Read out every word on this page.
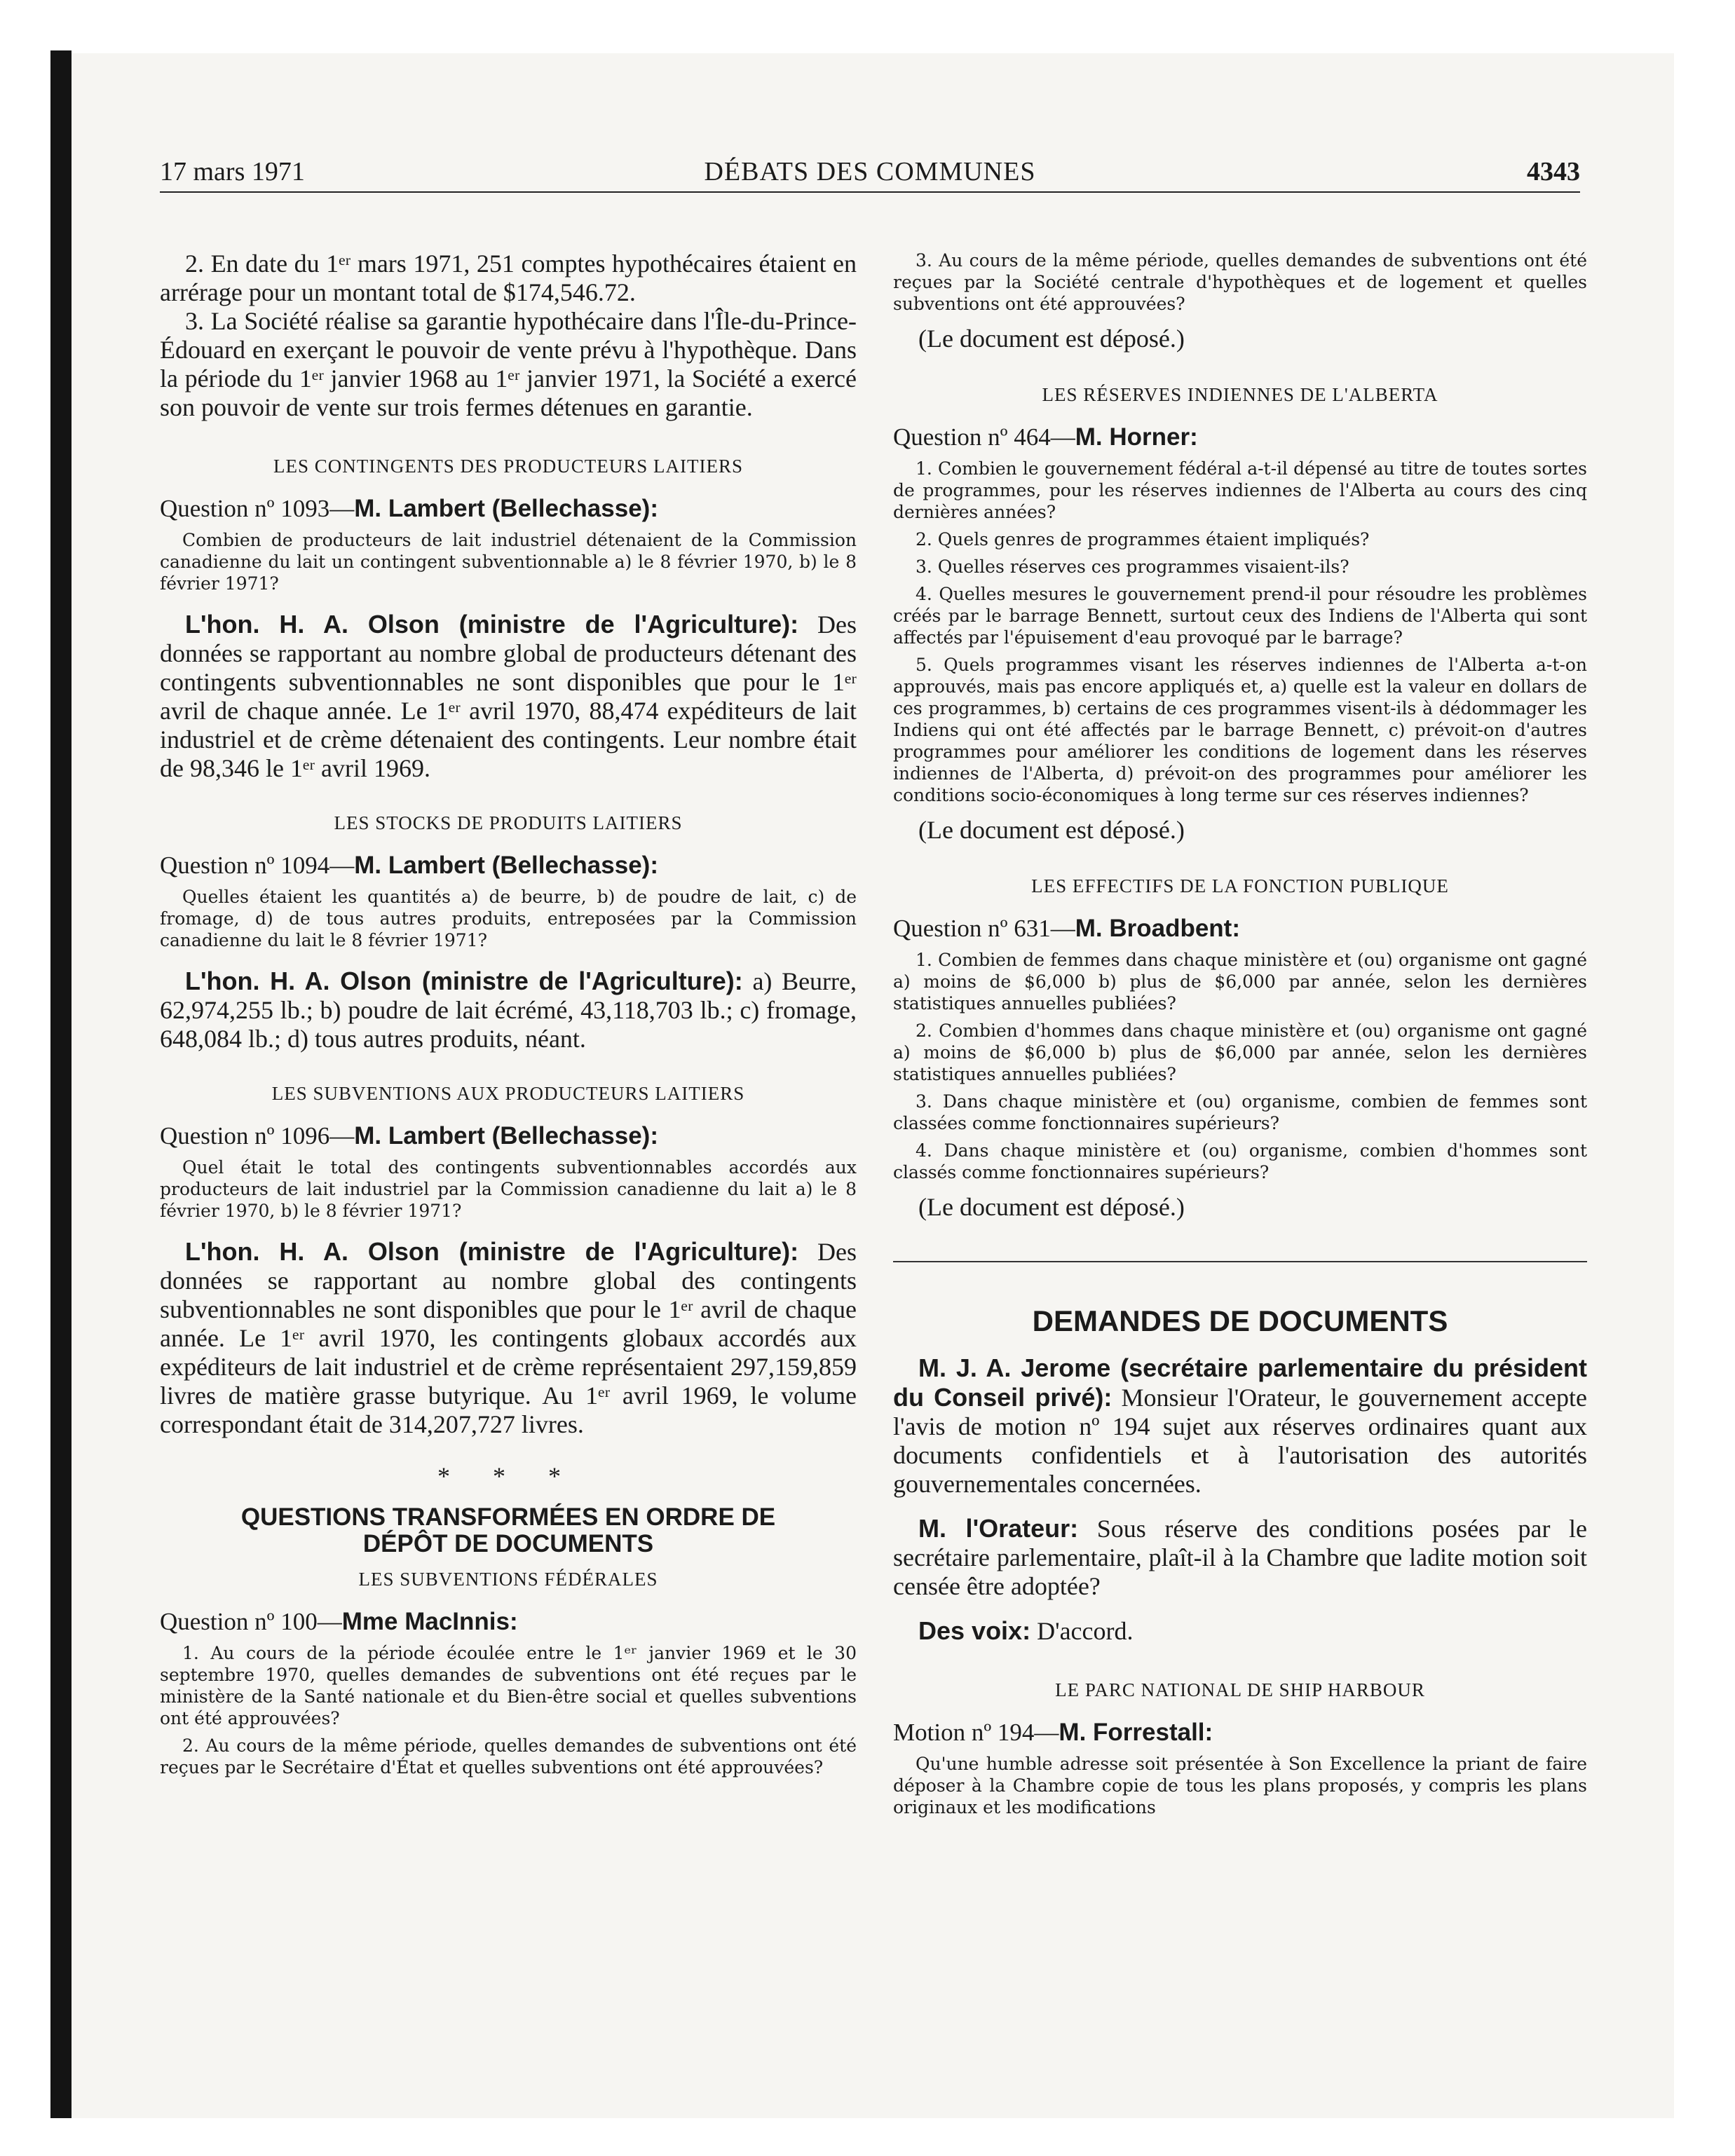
17 mars 1971	DÉBATS DES COMMUNES	4343

2. En date du 1ᵉʳ mars 1971, 251 comptes hypothécaires étaient en arrérage pour un montant total de $174,546.72.

3. La Société réalise sa garantie hypothécaire dans l'Île-du-Prince-Édouard en exerçant le pouvoir de vente prévu à l'hypothèque. Dans la période du 1ᵉʳ janvier 1968 au 1ᵉʳ janvier 1971, la Société a exercé son pouvoir de vente sur trois fermes détenues en garantie.

LES CONTINGENTS DES PRODUCTEURS LAITIERS

Question nº 1093—M. Lambert (Bellechasse):

Combien de producteurs de lait industriel détenaient de la Commission canadienne du lait un contingent subventionnable a) le 8 février 1970, b) le 8 février 1971?

L'hon. H. A. Olson (ministre de l'Agriculture): Des données se rapportant au nombre global de producteurs détenant des contingents subventionnables ne sont disponibles que pour le 1ᵉʳ avril de chaque année. Le 1ᵉʳ avril 1970, 88,474 expéditeurs de lait industriel et de crème détenaient des contingents. Leur nombre était de 98,346 le 1ᵉʳ avril 1969.

LES STOCKS DE PRODUITS LAITIERS

Question nº 1094—M. Lambert (Bellechasse):

Quelles étaient les quantités a) de beurre, b) de poudre de lait, c) de fromage, d) de tous autres produits, entreposées par la Commission canadienne du lait le 8 février 1971?

L'hon. H. A. Olson (ministre de l'Agriculture): a) Beurre, 62,974,255 lb.; b) poudre de lait écrémé, 43,118,703 lb.; c) fromage, 648,084 lb.; d) tous autres produits, néant.

LES SUBVENTIONS AUX PRODUCTEURS LAITIERS

Question nº 1096—M. Lambert (Bellechasse):

Quel était le total des contingents subventionnables accordés aux producteurs de lait industriel par la Commission canadienne du lait a) le 8 février 1970, b) le 8 février 1971?

L'hon. H. A. Olson (ministre de l'Agriculture): Des données se rapportant au nombre global des contingents subventionnables ne sont disponibles que pour le 1ᵉʳ avril de chaque année. Le 1ᵉʳ avril 1970, les contingents globaux accordés aux expéditeurs de lait industriel et de crème représentaient 297,159,859 livres de matière grasse butyrique. Au 1ᵉʳ avril 1969, le volume correspondant était de 314,207,727 livres.

* * *

QUESTIONS TRANSFORMÉES EN ORDRE DE

DÉPÔT DE DOCUMENTS

LES SUBVENTIONS FÉDÉRALES

Question nº 100—Mme MacInnis:

1. Au cours de la période écoulée entre le 1ᵉʳ janvier 1969 et le 30 septembre 1970, quelles demandes de subventions ont été reçues par le ministère de la Santé nationale et du Bien-être social et quelles subventions ont été approuvées?

2. Au cours de la même période, quelles demandes de subventions ont été reçues par le Secrétaire d'État et quelles subventions ont été approuvées?

3. Au cours de la même période, quelles demandes de subventions ont été reçues par la Société centrale d'hypothèques et de logement et quelles subventions ont été approuvées?

(Le document est déposé.)

LES RÉSERVES INDIENNES DE L'ALBERTA

Question nº 464—M. Horner:

1. Combien le gouvernement fédéral a-t-il dépensé au titre de toutes sortes de programmes, pour les réserves indiennes de l'Alberta au cours des cinq dernières années?

2. Quels genres de programmes étaient impliqués?

3. Quelles réserves ces programmes visaient-ils?

4. Quelles mesures le gouvernement prend-il pour résoudre les problèmes créés par le barrage Bennett, surtout ceux des Indiens de l'Alberta qui sont affectés par l'épuisement d'eau provoqué par le barrage?

5. Quels programmes visant les réserves indiennes de l'Alberta a-t-on approuvés, mais pas encore appliqués et, a) quelle est la valeur en dollars de ces programmes, b) certains de ces programmes visent-ils à dédommager les Indiens qui ont été affectés par le barrage Bennett, c) prévoit-on d'autres programmes pour améliorer les conditions de logement dans les réserves indiennes de l'Alberta, d) prévoit-on des programmes pour améliorer les conditions socio-économiques à long terme sur ces réserves indiennes?

(Le document est déposé.)

LES EFFECTIFS DE LA FONCTION PUBLIQUE

Question nº 631—M. Broadbent:

1. Combien de femmes dans chaque ministère et (ou) organisme ont gagné a) moins de $6,000 b) plus de $6,000 par année, selon les dernières statistiques annuelles publiées?

2. Combien d'hommes dans chaque ministère et (ou) organisme ont gagné a) moins de $6,000 b) plus de $6,000 par année, selon les dernières statistiques annuelles publiées?

3. Dans chaque ministère et (ou) organisme, combien de femmes sont classées comme fonctionnaires supérieurs?

4. Dans chaque ministère et (ou) organisme, combien d'hommes sont classés comme fonctionnaires supérieurs?

(Le document est déposé.)

DEMANDES DE DOCUMENTS

M. J. A. Jerome (secrétaire parlementaire du président du Conseil privé): Monsieur l'Orateur, le gouvernement accepte l'avis de motion nº 194 sujet aux réserves ordinaires quant aux documents confidentiels et à l'autorisation des autorités gouvernementales concernées.

M. l'Orateur: Sous réserve des conditions posées par le secrétaire parlementaire, plaît-il à la Chambre que ladite motion soit censée être adoptée?

Des voix: D'accord.

LE PARC NATIONAL DE SHIP HARBOUR

Motion nº 194—M. Forrestall:

Qu'une humble adresse soit présentée à Son Excellence la priant de faire déposer à la Chambre copie de tous les plans proposés, y compris les plans originaux et les modifications
